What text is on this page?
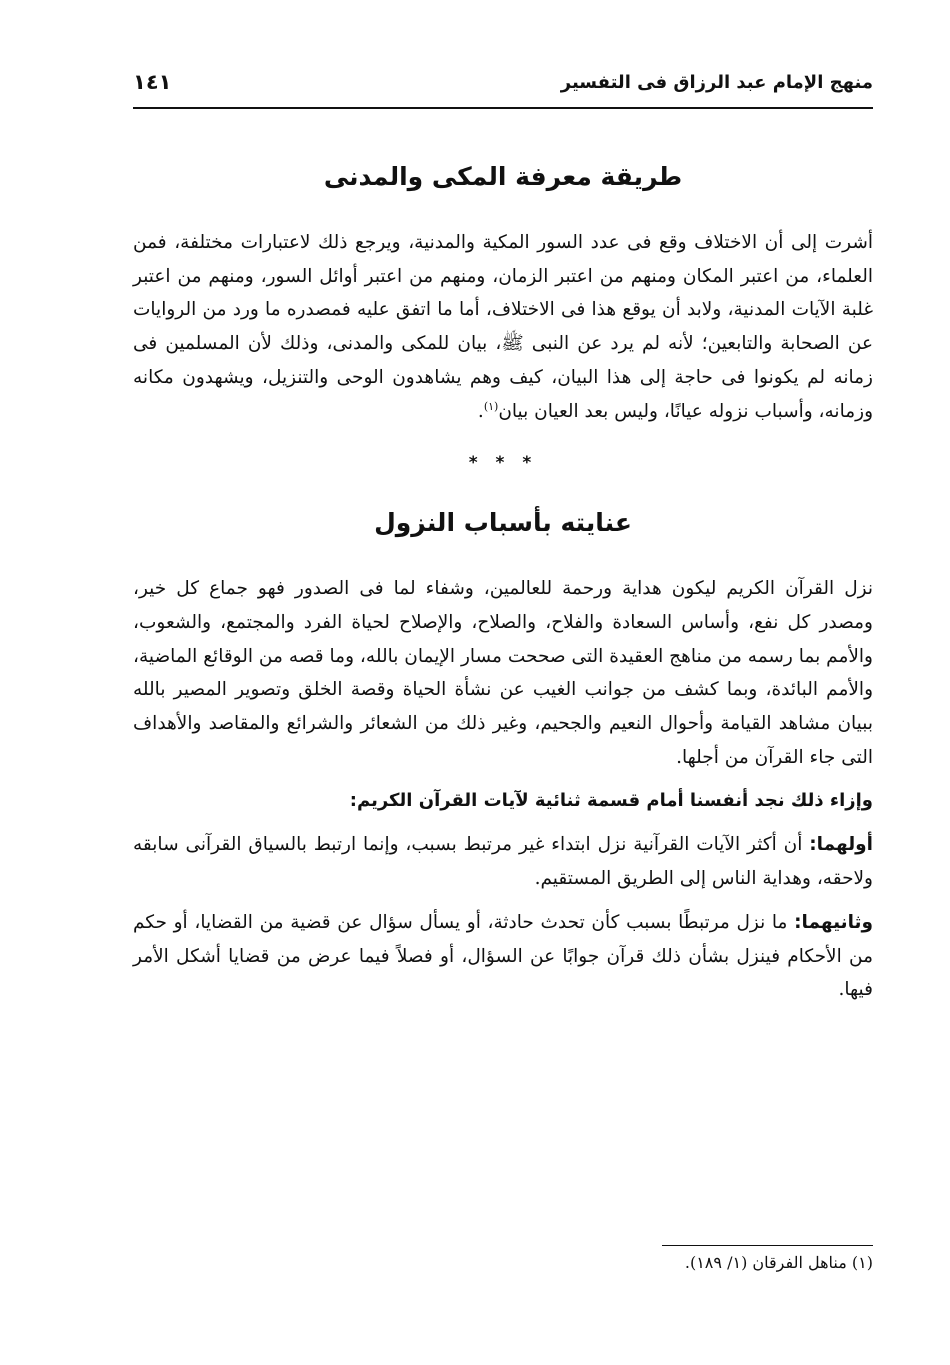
منهج الإمام عبد الرزاق فى التفسير
١٤١
طريقة معرفة المكى والمدنى

أشرت إلى أن الاختلاف وقع فى عدد السور المكية والمدنية، ويرجع ذلك لاعتبارات مختلفة، فمن العلماء، من اعتبر المكان ومنهم من اعتبر الزمان، ومنهم من اعتبر أوائل السور، ومنهم من اعتبر غلبة الآيات المدنية، ولابد أن يوقع هذا فى الاختلاف، أما ما اتفق عليه فمصدره ما ورد من الروايات عن الصحابة والتابعين؛ لأنه لم يرد عن النبى ﷺ، بيان للمكى والمدنى، وذلك لأن المسلمين فى زمانه لم يكونوا فى حاجة إلى هذا البيان، كيف وهم يشاهدون الوحى والتنزيل، ويشهدون مكانه وزمانه، وأسباب نزوله عيانًا، وليس بعد العيان بيان$^{(١)}$.

* * *
عنايته بأسباب النزول

نزل القرآن الكريم ليكون هداية ورحمة للعالمين، وشفاء لما فى الصدور فهو جماع كل خير، ومصدر كل نفع، وأساس السعادة والفلاح، والصلاح، والإصلاح لحياة الفرد والمجتمع، والشعوب، والأمم بما رسمه من مناهج العقيدة التى صححت مسار الإيمان بالله، وما قصه من الوقائع الماضية، والأمم البائدة، وبما كشف من جوانب الغيب عن نشأة الحياة وقصة الخلق وتصوير المصير بالله ببيان مشاهد القيامة وأحوال النعيم والجحيم، وغير ذلك من الشعائر والشرائع والمقاصد والأهداف التى جاء القرآن من أجلها.

وإزاء ذلك نجد أنفسنا أمام قسمة ثنائية لآيات القرآن الكريم:

أولهما: أن أكثر الآيات القرآنية نزل ابتداء غير مرتبط بسبب، وإنما ارتبط بالسياق القرآنى سابقه ولاحقه، وهداية الناس إلى الطريق المستقيم.

وثانيهما: ما نزل مرتبطًا بسبب كأن تحدث حادثة، أو يسأل سؤال عن قضية من القضايا، أو حكم من الأحكام فينزل بشأن ذلك قرآن جوابًا عن السؤال، أو فصلاً فيما عرض من قضايا أشكل الأمر فيها.

(١) مناهل الفرقان (١/ ١٨٩).
